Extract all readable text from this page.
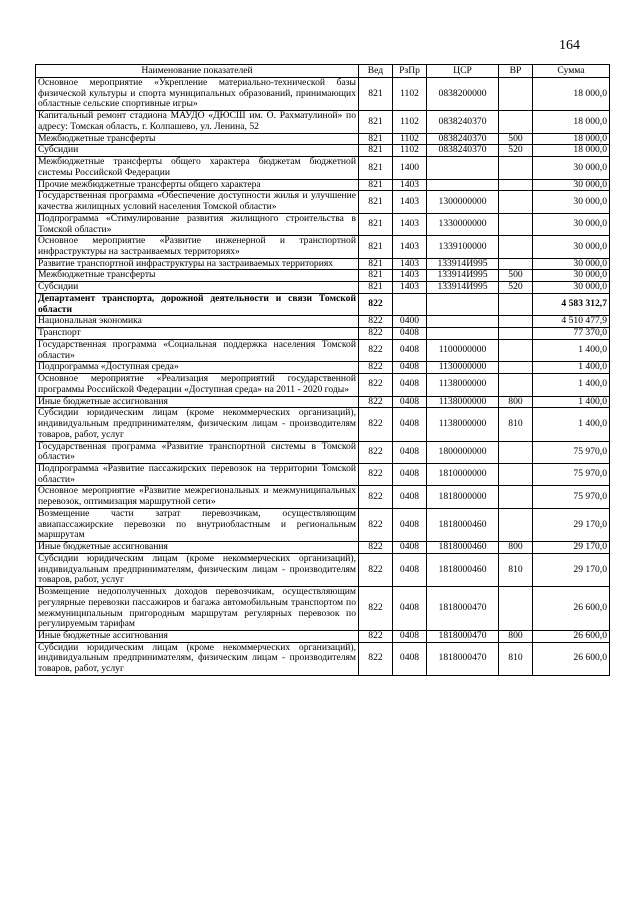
164
Наименование показателей	Вед	РзПр	ЦСР	ВР	Сумма
Основное мероприятие «Укрепление материально-технической базы физической культуры и спорта муниципальных образований, принимающих областные сельские спортивные игры»	821	1102	0838200000		18 000,0
Капитальный ремонт стадиона МАУДО «ДЮСШ им. О. Рахматулиной» по адресу: Томская область, г. Колпашево, ул. Ленина, 52	821	1102	0838240370		18 000,0
Межбюджетные трансферты	821	1102	0838240370	500	18 000,0
Субсидии	821	1102	0838240370	520	18 000,0
Межбюджетные трансферты общего характера бюджетам бюджетной системы Российской Федерации	821	1400			30 000,0
Прочие межбюджетные трансферты общего характера	821	1403			30 000,0
Государственная программа «Обеспечение доступности жилья и улучшение качества жилищных условий населения Томской области»	821	1403	1300000000		30 000,0
Подпрограмма «Стимулирование развития жилищного строительства в Томской области»	821	1403	1330000000		30 000,0
Основное мероприятие «Развитие инженерной и транспортной инфраструктуры на застраиваемых территориях»	821	1403	1339100000		30 000,0
Развитие транспортной инфраструктуры на застраиваемых территориях	821	1403	133914И995		30 000,0
Межбюджетные трансферты	821	1403	133914И995	500	30 000,0
Субсидии	821	1403	133914И995	520	30 000,0
Департамент транспорта, дорожной деятельности и связи Томской области	822				4 583 312,7
Национальная экономика	822	0400			4 510 477,9
Транспорт	822	0408			77 370,0
Государственная программа «Социальная поддержка населения Томской области»	822	0408	1100000000		1 400,0
Подпрограмма «Доступная среда»	822	0408	1130000000		1 400,0
Основное мероприятие «Реализация мероприятий государственной программы Российской Федерации «Доступная среда» на 2011 - 2020 годы»	822	0408	1138000000		1 400,0
Иные бюджетные ассигнования	822	0408	1138000000	800	1 400,0
Субсидии юридическим лицам (кроме некоммерческих организаций), индивидуальным предпринимателям, физическим лицам - производителям товаров, работ, услуг	822	0408	1138000000	810	1 400,0
Государственная программа «Развитие транспортной системы в Томской области»	822	0408	1800000000		75 970,0
Подпрограмма «Развитие пассажирских перевозок на территории Томской области»	822	0408	1810000000		75 970,0
Основное мероприятие «Развитие межрегиональных и межмуниципальных перевозок, оптимизация маршрутной сети»	822	0408	1818000000		75 970,0
Возмещение части затрат перевозчикам, осуществляющим авиапассажирские перевозки по внутриобластным и региональным маршрутам	822	0408	1818000460		29 170,0
Иные бюджетные ассигнования	822	0408	1818000460	800	29 170,0
Субсидии юридическим лицам (кроме некоммерческих организаций), индивидуальным предпринимателям, физическим лицам - производителям товаров, работ, услуг	822	0408	1818000460	810	29 170,0
Возмещение недополученных доходов перевозчикам, осуществляющим регулярные перевозки пассажиров и багажа автомобильным транспортом по межмуниципальным пригородным маршрутам регулярных перевозок по регулируемым тарифам	822	0408	1818000470		26 600,0
Иные бюджетные ассигнования	822	0408	1818000470	800	26 600,0
Субсидии юридическим лицам (кроме некоммерческих организаций), индивидуальным предпринимателям, физическим лицам - производителям товаров, работ, услуг	822	0408	1818000470	810	26 600,0
